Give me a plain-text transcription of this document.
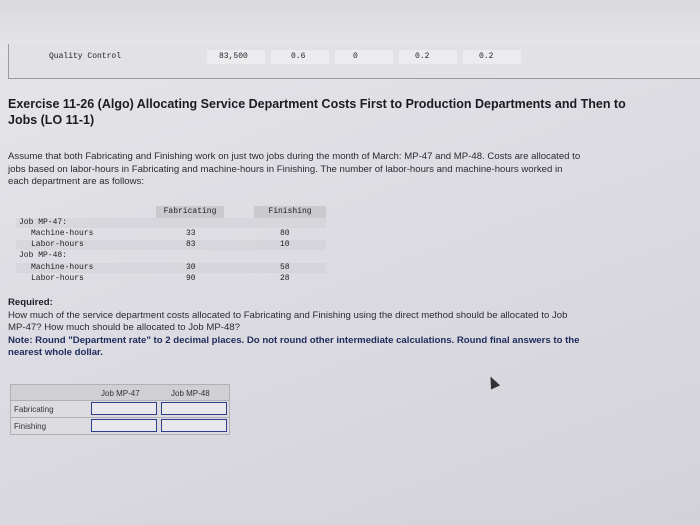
Quality Control	83,500	0.6	0	0.2	0.2
Exercise 11-26 (Algo) Allocating Service Department Costs First to Production Departments and Then to
Jobs (LO 11-1)
Assume that both Fabricating and Finishing work on just two jobs during the month of March: MP-47 and MP-48. Costs are allocated to
jobs based on labor-hours in Fabricating and machine-hours in Finishing. The number of labor-hours and machine-hours worked in
each department are as follows:
Fabricating	Finishing
Job MP-47:
Machine-hours	33	80
Labor-hours	83	10
Job MP-48:
Machine-hours	30	58
Labor-hours	90	28
Required:
How much of the service department costs allocated to Fabricating and Finishing using the direct method should be allocated to Job
MP-47? How much should be allocated to Job MP-48?
Note: Round "Department rate" to 2 decimal places. Do not round other intermediate calculations. Round final answers to the
nearest whole dollar.
Job MP-47	Job MP-48
Fabricating
Finishing
